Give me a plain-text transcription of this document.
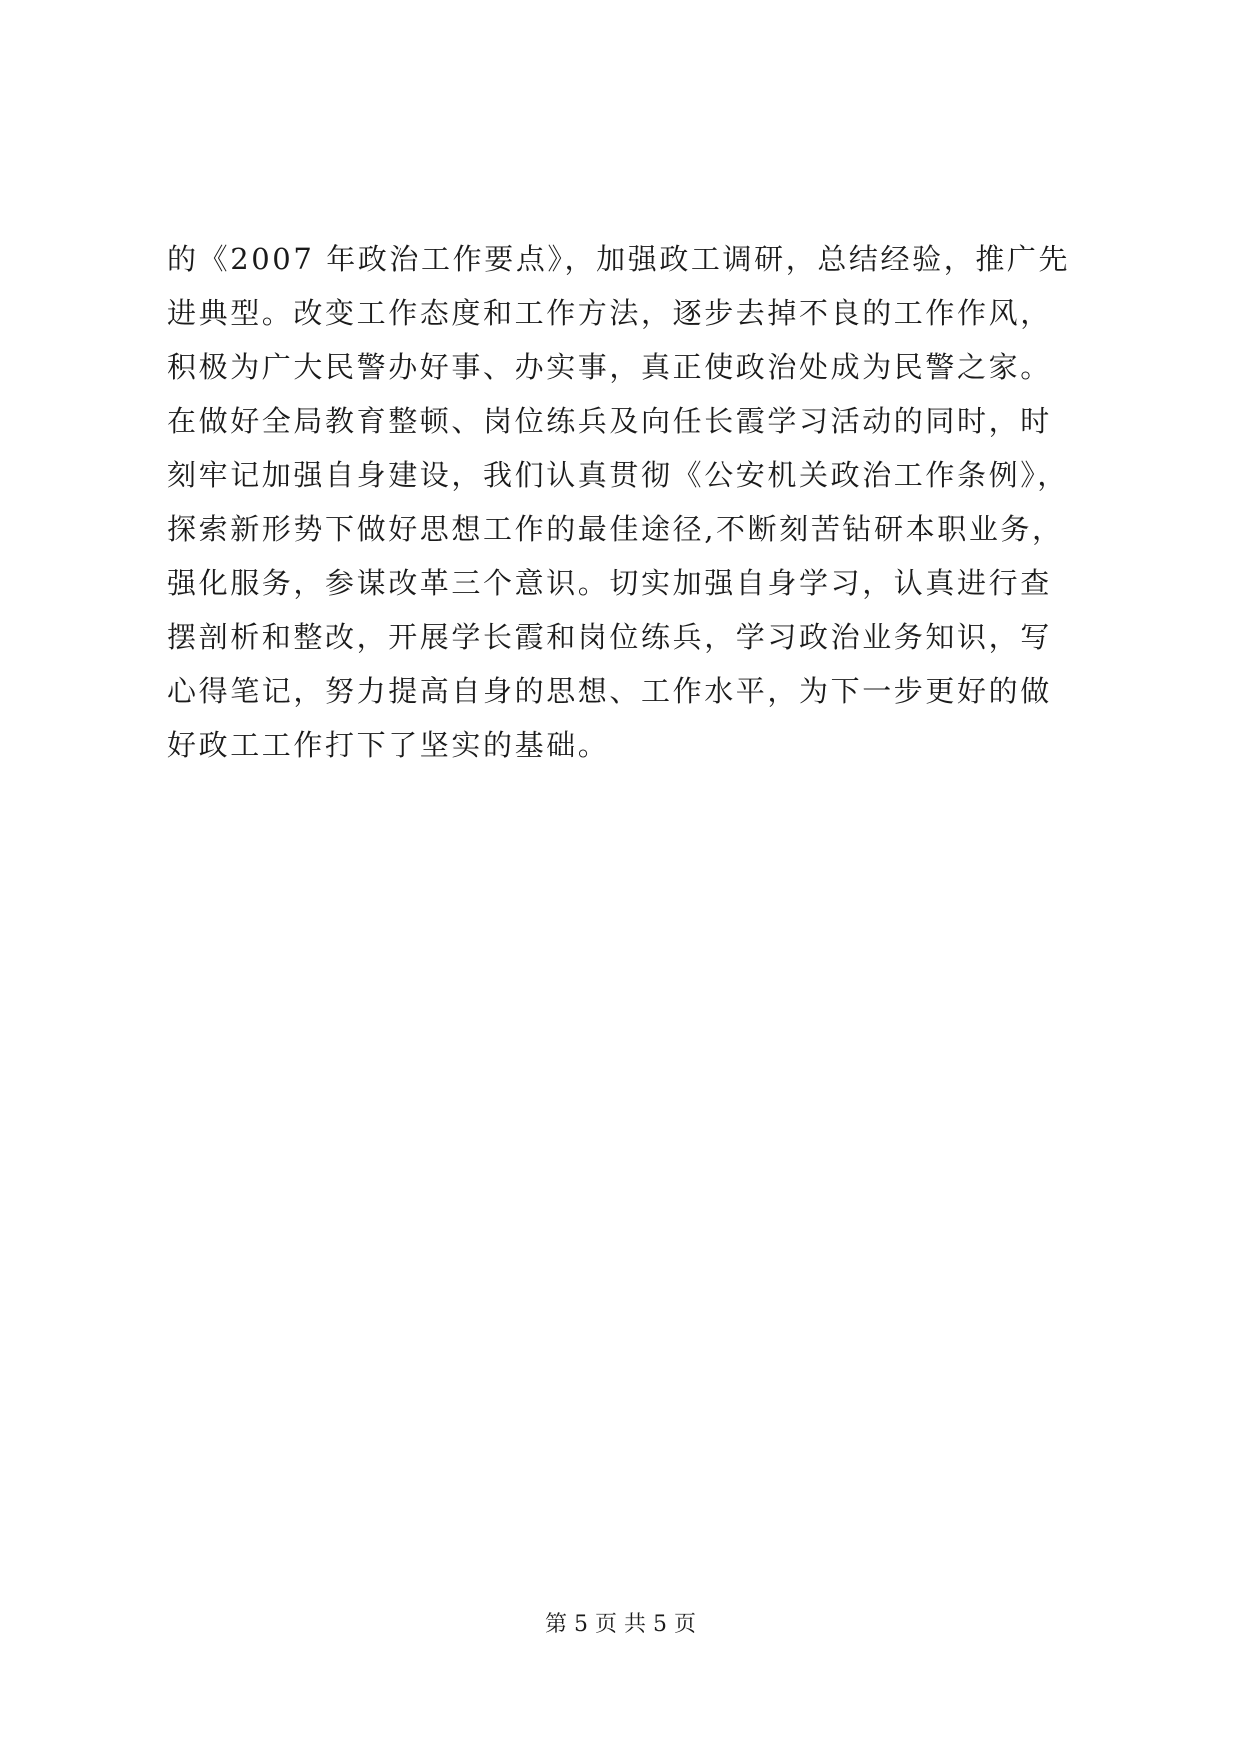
的《2007 年政治工作要点》，加强政工调研，总结经验，推广先
进典型。改变工作态度和工作方法，逐步去掉不良的工作作风，
积极为广大民警办好事、办实事，真正使政治处成为民警之家。
在做好全局教育整顿、岗位练兵及向任长霞学习活动的同时，时
刻牢记加强自身建设，我们认真贯彻《公安机关政治工作条例》，
探索新形势下做好思想工作的最佳途径,不断刻苦钻研本职业务，
强化服务，参谋改革三个意识。切实加强自身学习，认真进行查
摆剖析和整改，开展学长霞和岗位练兵，学习政治业务知识，写
心得笔记，努力提高自身的思想、工作水平，为下一步更好的做
好政工工作打下了坚实的基础。
第 5 页 共 5 页
